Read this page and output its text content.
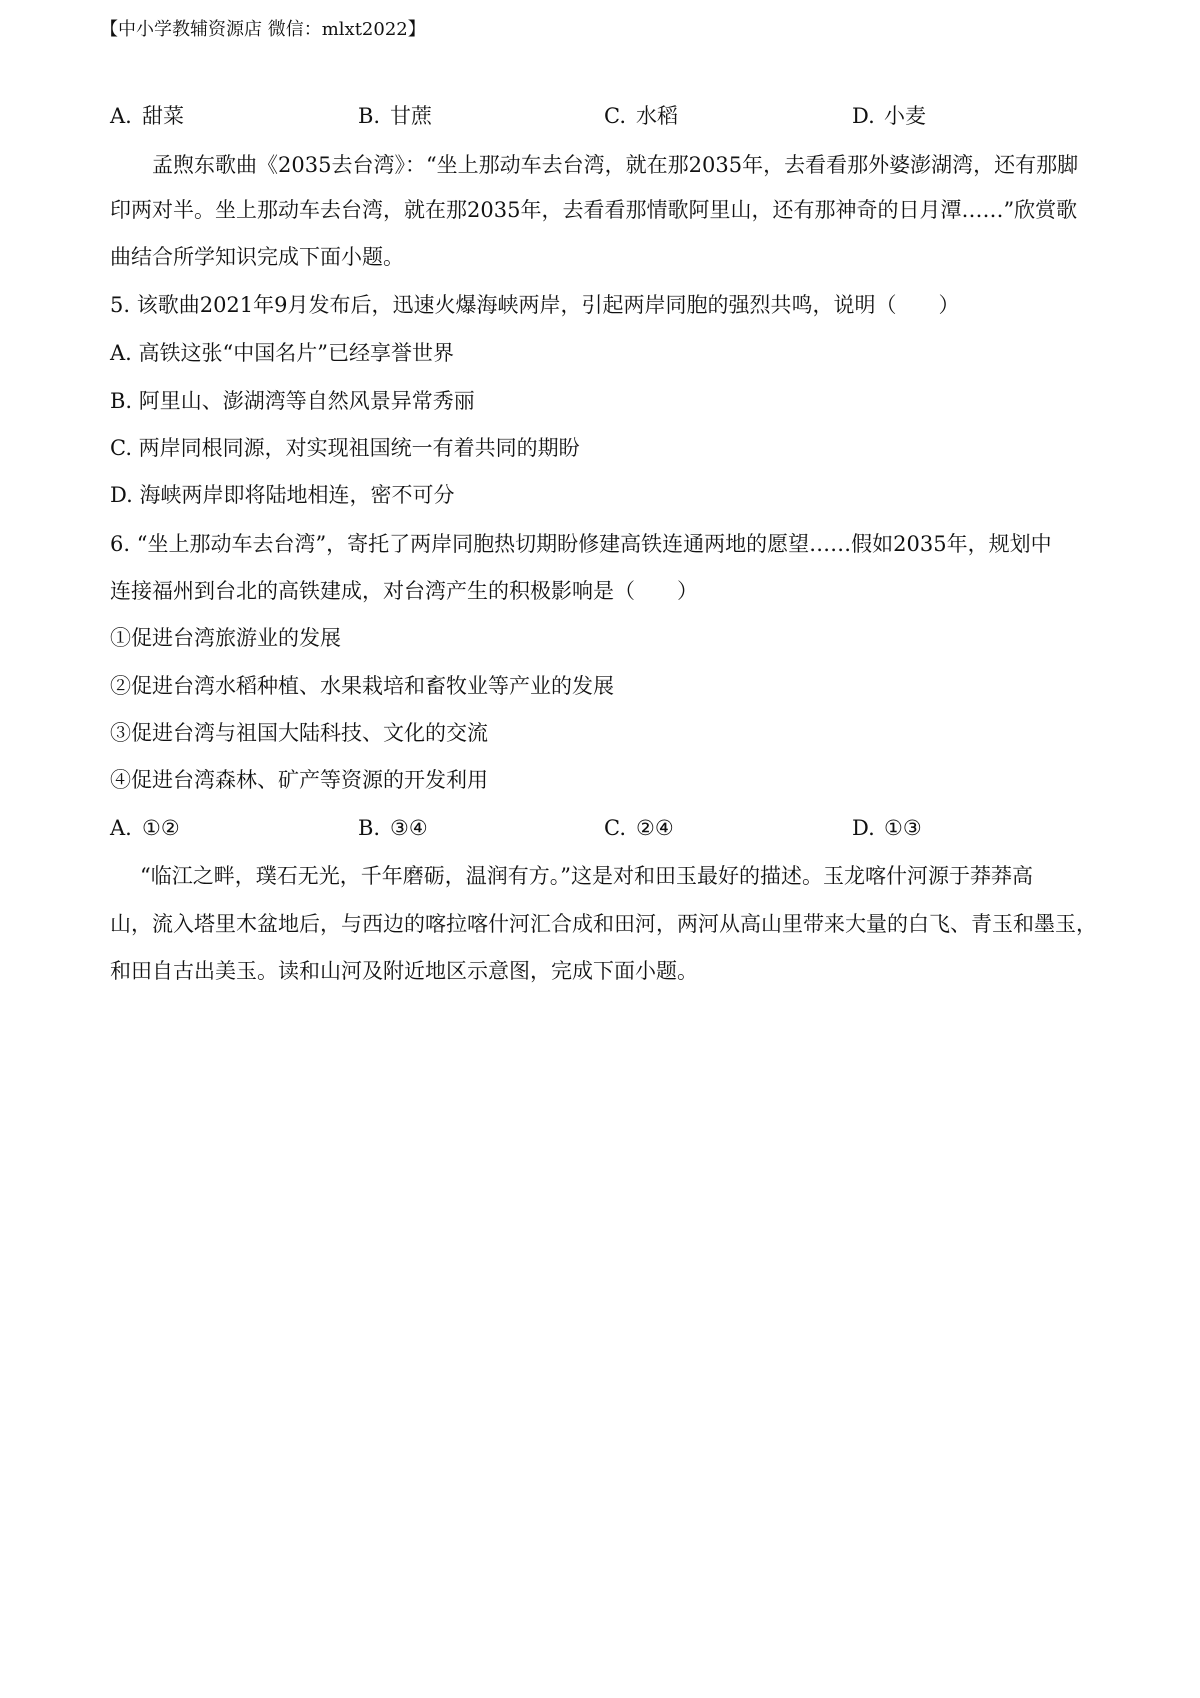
【中小学教辅资源店 微信：mlxt2022】
A. 甜菜	B. 甘蔗	C. 水稻	D. 小麦
孟煦东歌曲《2035去台湾》：“坐上那动车去台湾，就在那2035年，去看看那外婆澎湖湾，还有那脚
印两对半。坐上那动车去台湾，就在那2035年，去看看那情歌阿里山，还有那神奇的日月潭……”欣赏歌
曲结合所学知识完成下面小题。
5. 该歌曲2021年9月发布后，迅速火爆海峡两岸，引起两岸同胞的强烈共鸣，说明（　　）
A. 高铁这张“中国名片”已经享誉世界
B. 阿里山、澎湖湾等自然风景异常秀丽
C. 两岸同根同源，对实现祖国统一有着共同的期盼
D. 海峡两岸即将陆地相连，密不可分
6. “坐上那动车去台湾”，寄托了两岸同胞热切期盼修建高铁连通两地的愿望……假如2035年，规划中
连接福州到台北的高铁建成，对台湾产生的积极影响是（　　）
①促进台湾旅游业的发展
②促进台湾水稻种植、水果栽培和畜牧业等产业的发展
③促进台湾与祖国大陆科技、文化的交流
④促进台湾森林、矿产等资源的开发利用
A. ①②	B. ③④	C. ②④	D. ①③
“临江之畔，璞石无光，千年磨砺，温润有方。”这是对和田玉最好的描述。玉龙喀什河源于莽莽高
山，流入塔里木盆地后，与西边的喀拉喀什河汇合成和田河，两河从高山里带来大量的白飞、青玉和墨玉，
和田自古出美玉。读和山河及附近地区示意图，完成下面小题。
